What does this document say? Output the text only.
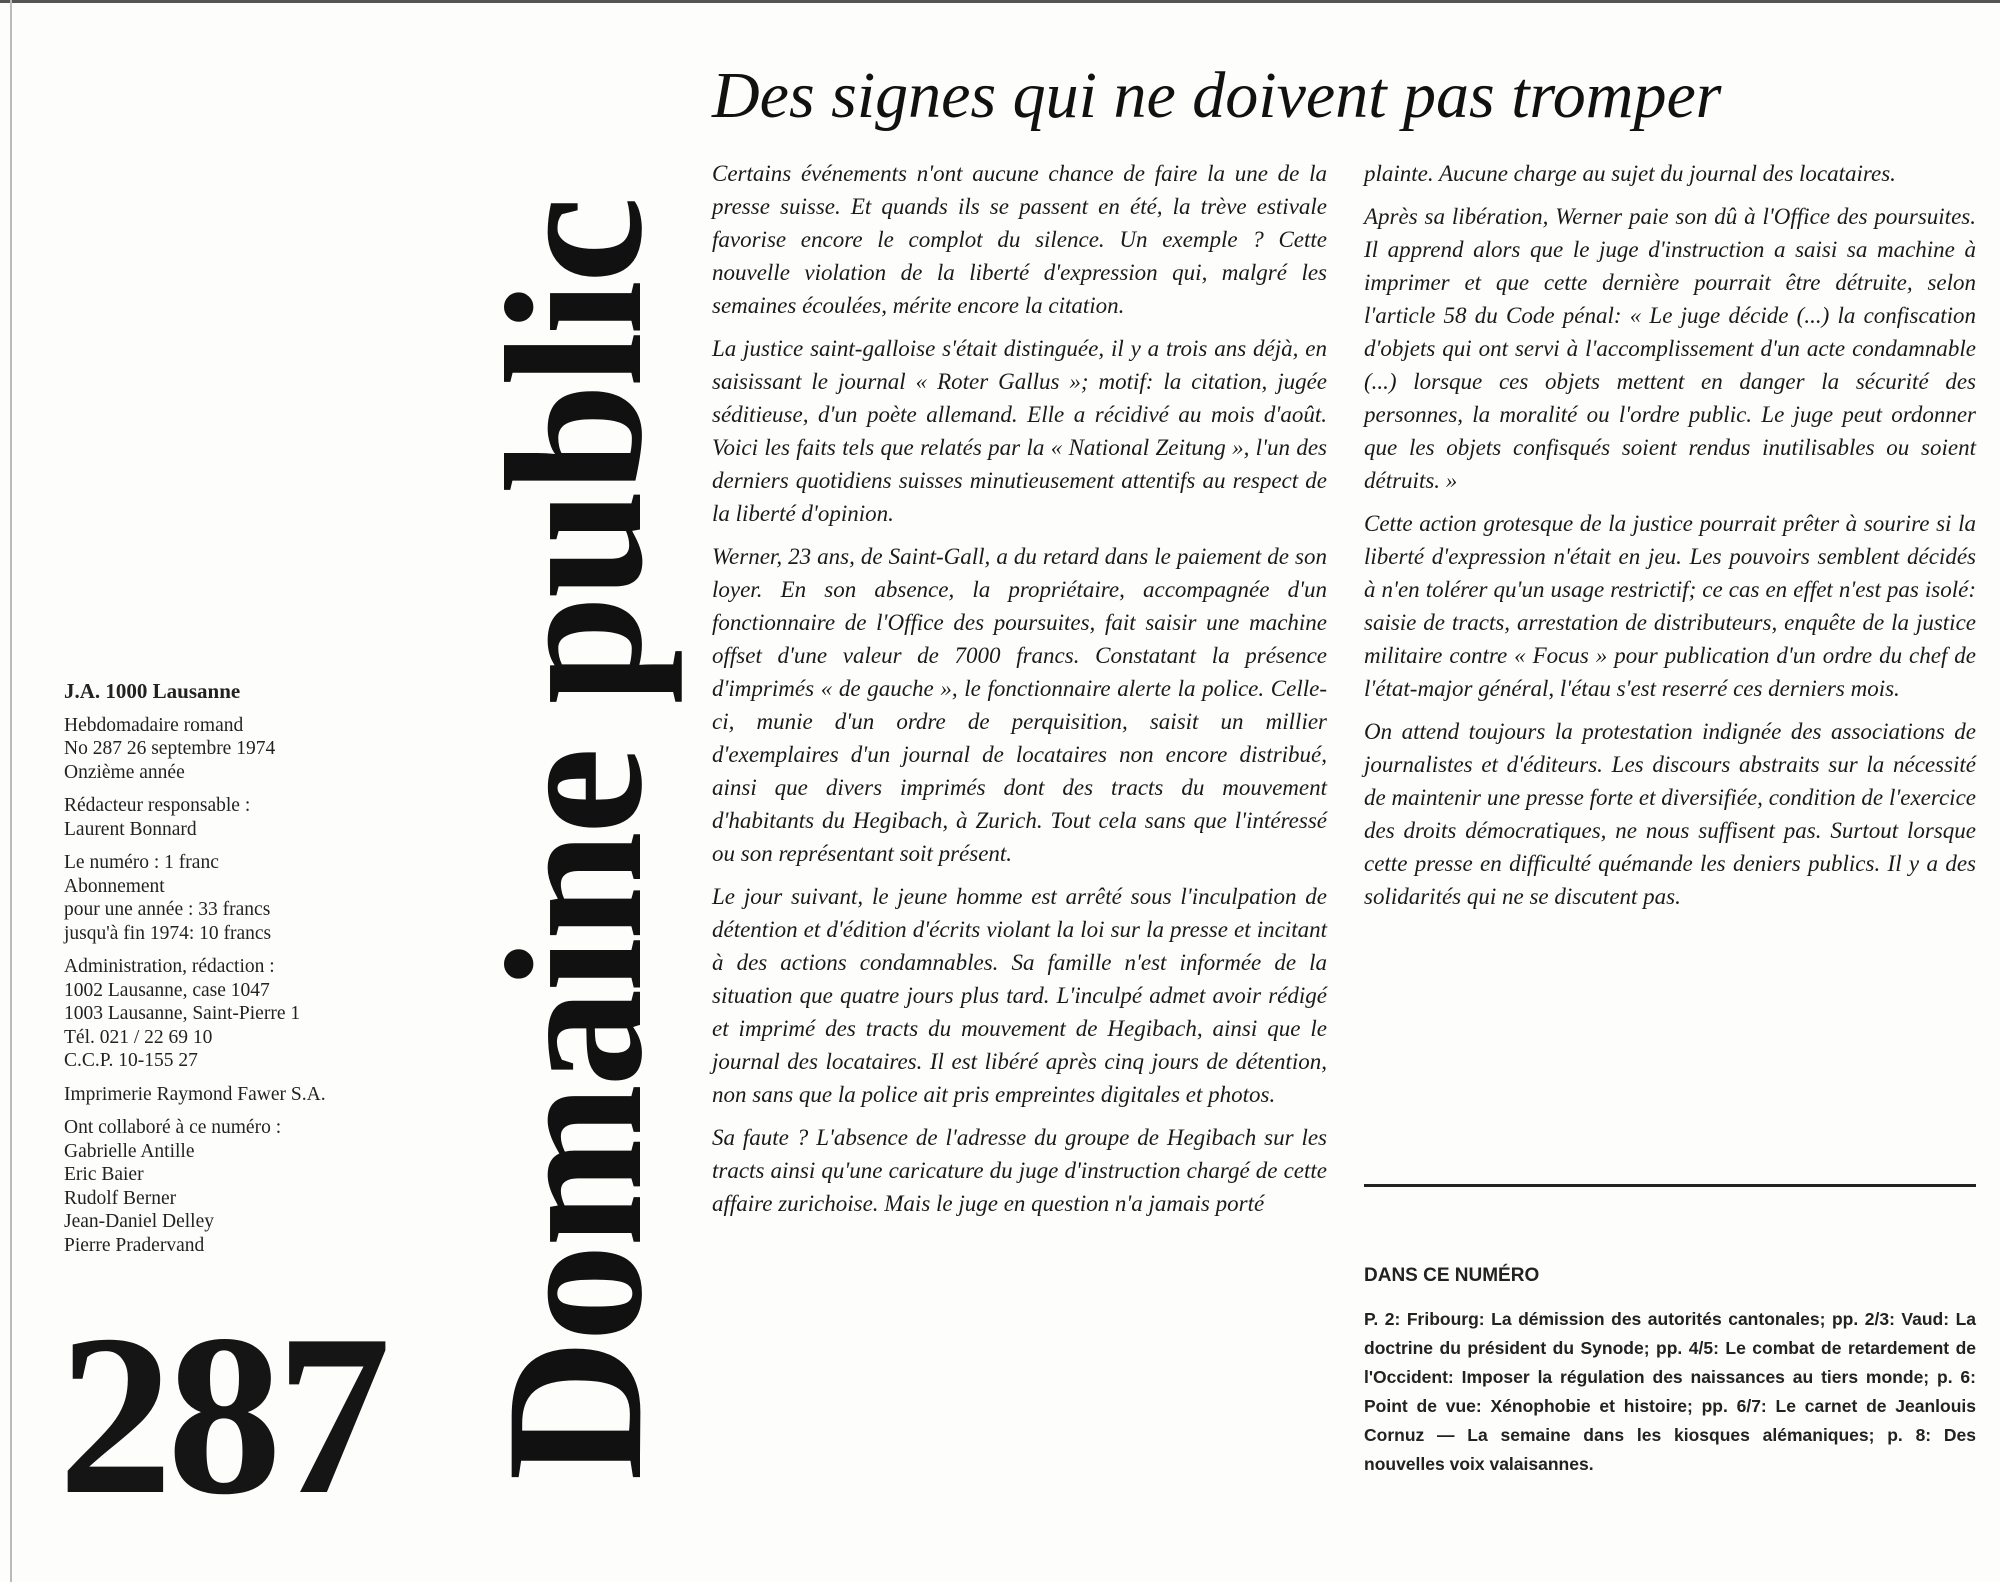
Domaine public
J.A. 1000 Lausanne
Hebdomadaire romand
No 287 26 septembre 1974
Onzième année
Rédacteur responsable :
Laurent Bonnard
Le numéro : 1 franc
Abonnement
pour une année : 33 francs
jusqu'à fin 1974: 10 francs
Administration, rédaction :
1002 Lausanne, case 1047
1003 Lausanne, Saint-Pierre 1
Tél. 021 / 22 69 10
C.C.P. 10-155 27
Imprimerie Raymond Fawer S.A.
Ont collaboré à ce numéro :
Gabrielle Antille
Eric Baier
Rudolf Berner
Jean-Daniel Delley
Pierre Pradervand
287
Des signes qui ne doivent pas tromper

Certains événements n'ont aucune chance de faire la une de la presse suisse. Et quands ils se passent en été, la trève estivale favorise encore le complot du silence. Un exemple ? Cette nouvelle violation de la liberté d'expression qui, malgré les semaines écoulées, mérite encore la citation.

La justice saint-galloise s'était distinguée, il y a trois ans déjà, en saisissant le journal « Roter Gallus »; motif: la citation, jugée séditieuse, d'un poète allemand. Elle a récidivé au mois d'août. Voici les faits tels que relatés par la « National Zeitung », l'un des derniers quotidiens suisses minutieusement attentifs au respect de la liberté d'opinion.

Werner, 23 ans, de Saint-Gall, a du retard dans le paiement de son loyer. En son absence, la propriétaire, accompagnée d'un fonctionnaire de l'Office des poursuites, fait saisir une machine offset d'une valeur de 7000 francs. Constatant la présence d'imprimés « de gauche », le fonctionnaire alerte la police. Celle-ci, munie d'un ordre de perquisition, saisit un millier d'exemplaires d'un journal de locataires non encore distribué, ainsi que divers imprimés dont des tracts du mouvement d'habitants du Hegibach, à Zurich. Tout cela sans que l'intéressé ou son représentant soit présent.

Le jour suivant, le jeune homme est arrêté sous l'inculpation de détention et d'édition d'écrits violant la loi sur la presse et incitant à des actions condamnables. Sa famille n'est informée de la situation que quatre jours plus tard. L'inculpé admet avoir rédigé et imprimé des tracts du mouvement de Hegibach, ainsi que le journal des locataires. Il est libéré après cinq jours de détention, non sans que la police ait pris empreintes digitales et photos.

Sa faute ? L'absence de l'adresse du groupe de Hegibach sur les tracts ainsi qu'une caricature du juge d'instruction chargé de cette affaire zurichoise. Mais le juge en question n'a jamais porté

plainte. Aucune charge au sujet du journal des locataires.

Après sa libération, Werner paie son dû à l'Office des poursuites. Il apprend alors que le juge d'instruction a saisi sa machine à imprimer et que cette dernière pourrait être détruite, selon l'article 58 du Code pénal: « Le juge décide (...) la confiscation d'objets qui ont servi à l'accomplissement d'un acte condamnable (...) lorsque ces objets mettent en danger la sécurité des personnes, la moralité ou l'ordre public. Le juge peut ordonner que les objets confisqués soient rendus inutilisables ou soient détruits. »

Cette action grotesque de la justice pourrait prêter à sourire si la liberté d'expression n'était en jeu. Les pouvoirs semblent décidés à n'en tolérer qu'un usage restrictif; ce cas en effet n'est pas isolé: saisie de tracts, arrestation de distributeurs, enquête de la justice militaire contre « Focus » pour publication d'un ordre du chef de l'état-major général, l'étau s'est reserré ces derniers mois.

On attend toujours la protestation indignée des associations de journalistes et d'éditeurs. Les discours abstraits sur la nécessité de maintenir une presse forte et diversifiée, condition de l'exercice des droits démocratiques, ne nous suffisent pas. Surtout lorsque cette presse en difficulté quémande les deniers publics. Il y a des solidarités qui ne se discutent pas.

DANS CE NUMÉRO
P. 2: Fribourg: La démission des autorités cantonales; pp. 2/3: Vaud: La doctrine du président du Synode; pp. 4/5: Le combat de retardement de l'Occident: Imposer la régulation des naissances au tiers monde; p. 6: Point de vue: Xénophobie et histoire; pp. 6/7: Le carnet de Jeanlouis Cornuz — La semaine dans les kiosques alémaniques; p. 8: Des nouvelles voix valaisannes.
